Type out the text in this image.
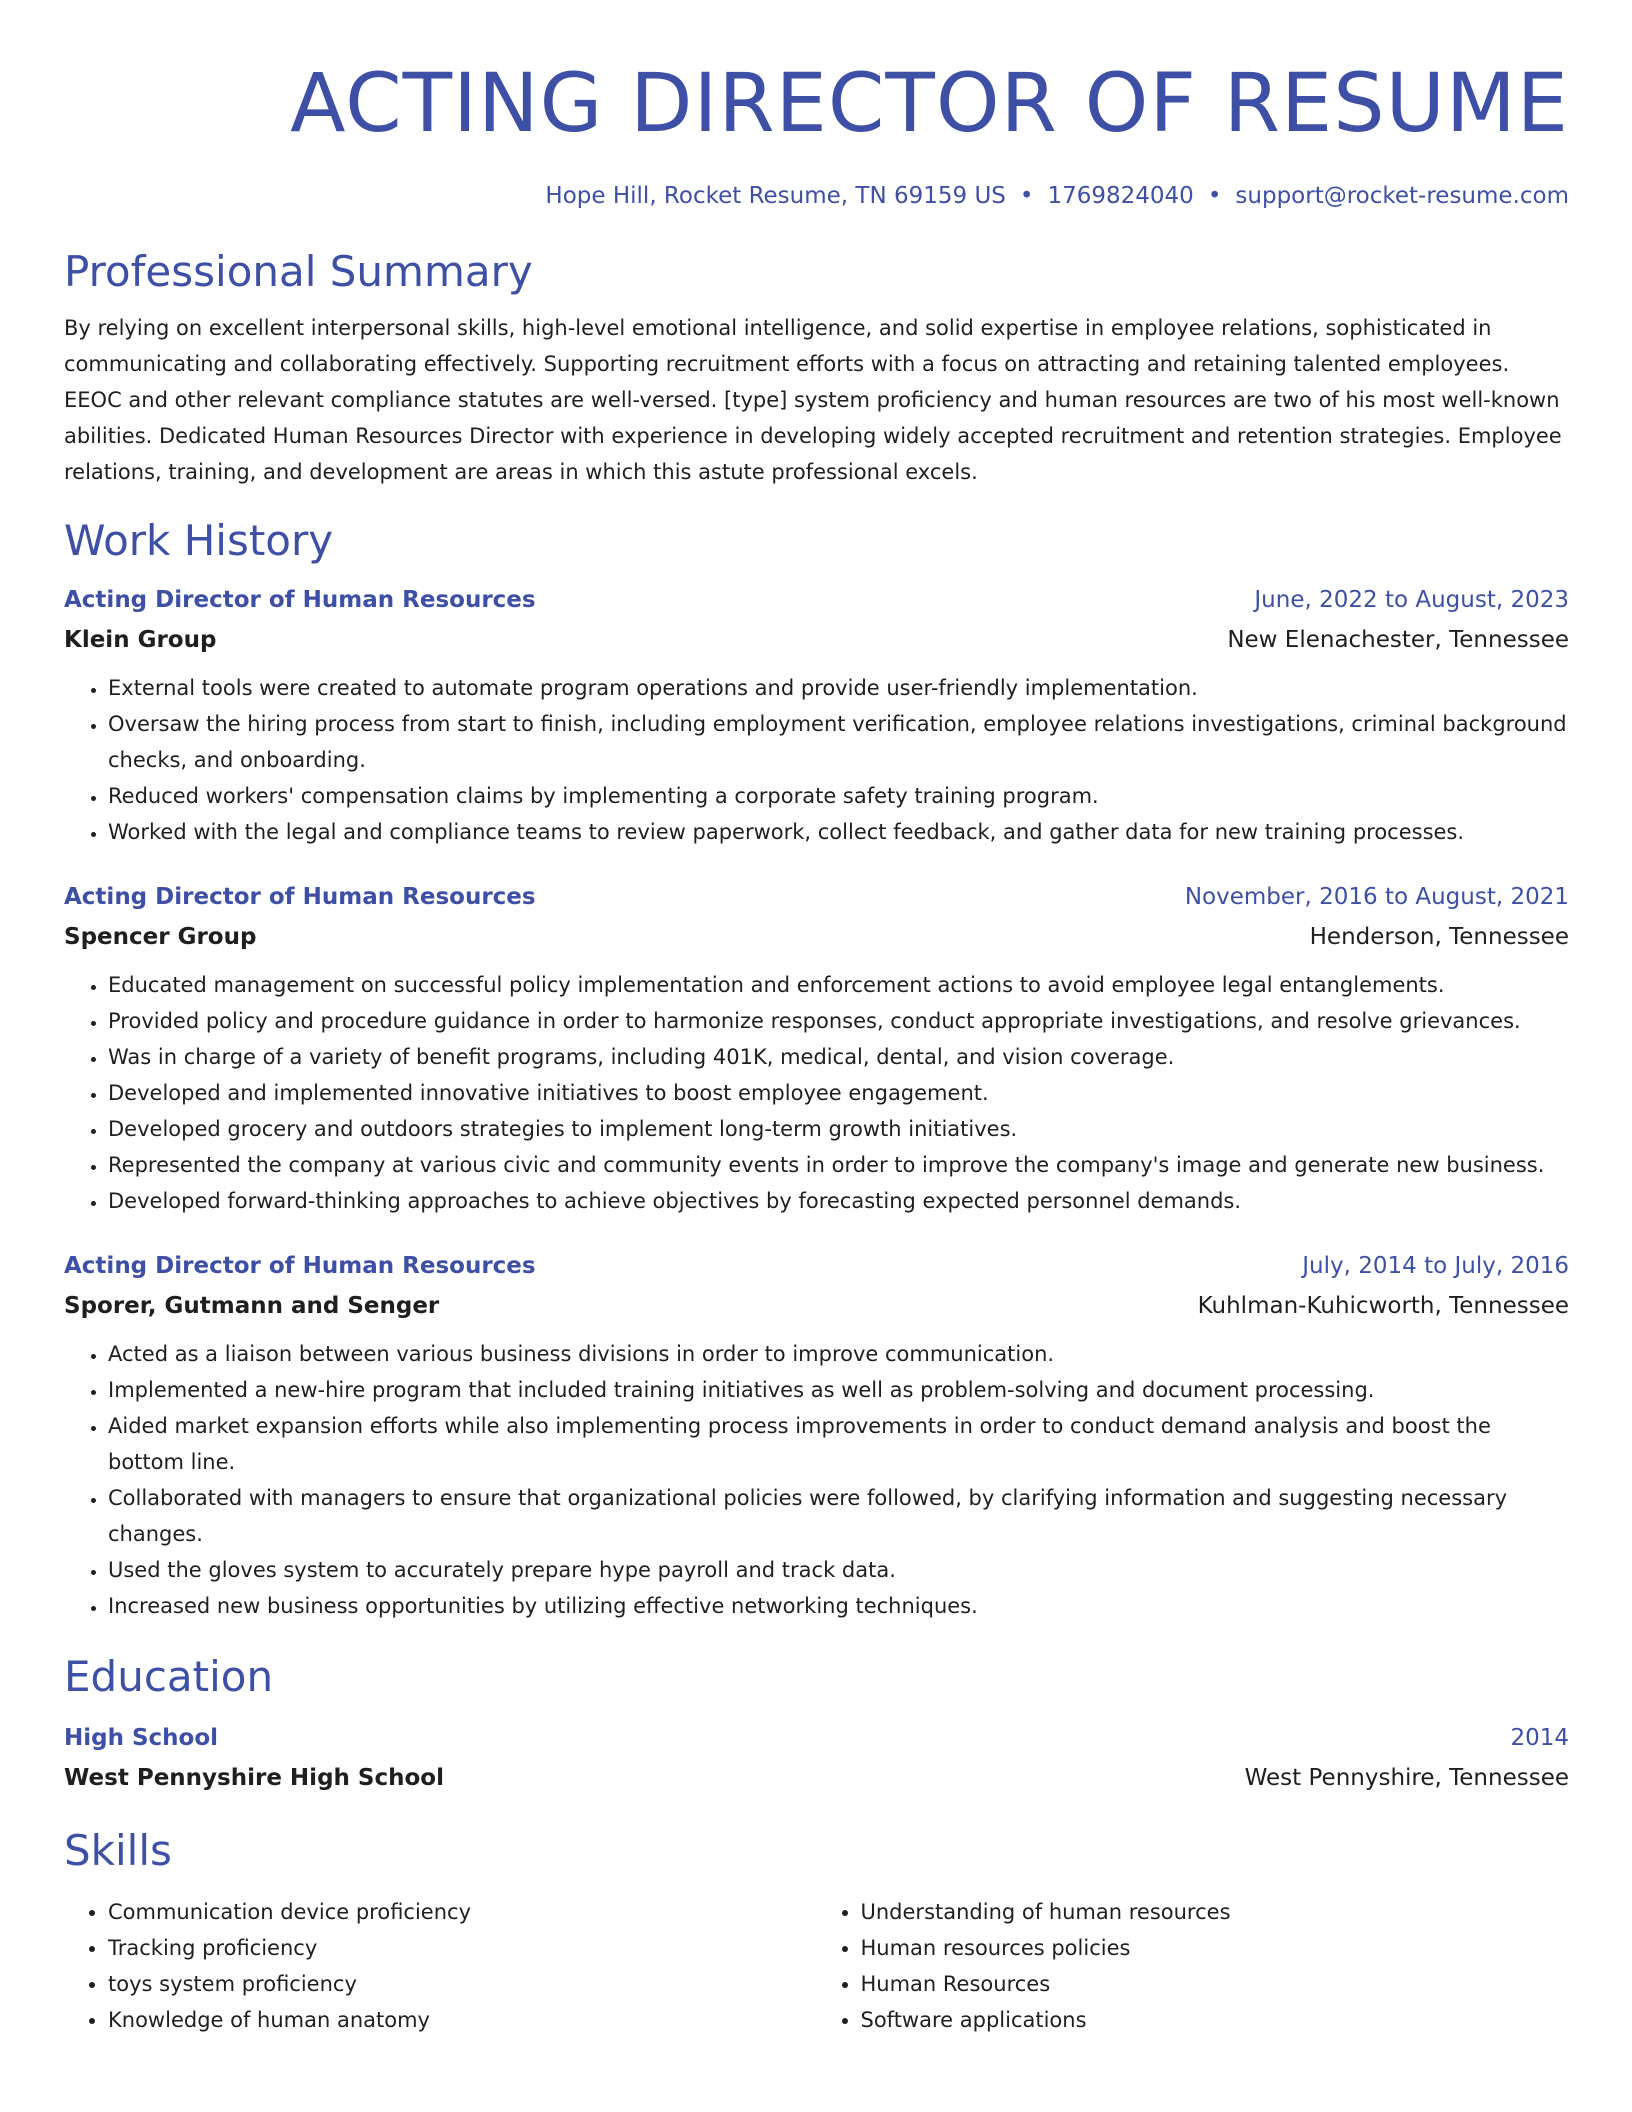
ACTING DIRECTOR OF RESUME
Hope Hill, Rocket Resume, TN 69159 US • 1769824040 • support@rocket-resume.com
Professional Summary
By relying on excellent interpersonal skills, high-level emotional intelligence, and solid expertise in employee relations, sophisticated in communicating and collaborating effectively. Supporting recruitment efforts with a focus on attracting and retaining talented employees. EEOC and other relevant compliance statutes are well-versed. [type] system proficiency and human resources are two of his most well-known abilities. Dedicated Human Resources Director with experience in developing widely accepted recruitment and retention strategies. Employee relations, training, and development are areas in which this astute professional excels.
Work History
Acting Director of Human Resources	June, 2022 to August, 2023
Klein Group	New Elenachester, Tennessee
• External tools were created to automate program operations and provide user-friendly implementation.
• Oversaw the hiring process from start to finish, including employment verification, employee relations investigations, criminal background checks, and onboarding.
• Reduced workers' compensation claims by implementing a corporate safety training program.
• Worked with the legal and compliance teams to review paperwork, collect feedback, and gather data for new training processes.
Acting Director of Human Resources	November, 2016 to August, 2021
Spencer Group	Henderson, Tennessee
• Educated management on successful policy implementation and enforcement actions to avoid employee legal entanglements.
• Provided policy and procedure guidance in order to harmonize responses, conduct appropriate investigations, and resolve grievances.
• Was in charge of a variety of benefit programs, including 401K, medical, dental, and vision coverage.
• Developed and implemented innovative initiatives to boost employee engagement.
• Developed grocery and outdoors strategies to implement long-term growth initiatives.
• Represented the company at various civic and community events in order to improve the company's image and generate new business.
• Developed forward-thinking approaches to achieve objectives by forecasting expected personnel demands.
Acting Director of Human Resources	July, 2014 to July, 2016
Sporer, Gutmann and Senger	Kuhlman-Kuhicworth, Tennessee
• Acted as a liaison between various business divisions in order to improve communication.
• Implemented a new-hire program that included training initiatives as well as problem-solving and document processing.
• Aided market expansion efforts while also implementing process improvements in order to conduct demand analysis and boost the bottom line.
• Collaborated with managers to ensure that organizational policies were followed, by clarifying information and suggesting necessary changes.
• Used the gloves system to accurately prepare hype payroll and track data.
• Increased new business opportunities by utilizing effective networking techniques.
Education
High School	2014
West Pennyshire High School	West Pennyshire, Tennessee
Skills
• Communication device proficiency
• Tracking proficiency
• toys system proficiency
• Knowledge of human anatomy
• Understanding of human resources
• Human resources policies
• Human Resources
• Software applications
